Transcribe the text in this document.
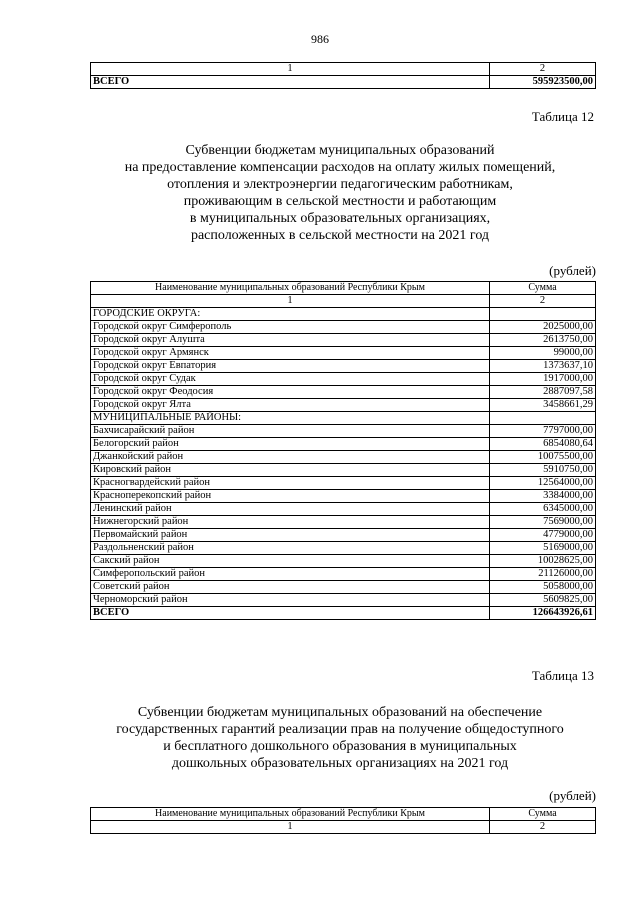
986
1	2
ВСЕГО	595923500,00
Таблица 12
Субвенции бюджетам муниципальных образований
на предоставление компенсации расходов на оплату жилых помещений,
отопления и электроэнергии педагогическим работникам,
проживающим в сельской местности и работающим
в муниципальных образовательных организациях,
расположенных в сельской местности на 2021 год
(рублей)
Наименование муниципальных образований Республики Крым	Сумма
1	2
ГОРОДСКИЕ ОКРУГА:	
Городской округ Симферополь	2025000,00
Городской округ Алушта	2613750,00
Городской округ Армянск	99000,00
Городской округ Евпатория	1373637,10
Городской округ Судак	1917000,00
Городской округ Феодосия	2887097,58
Городской округ Ялта	3458661,29
МУНИЦИПАЛЬНЫЕ РАЙОНЫ:	
Бахчисарайский район	7797000,00
Белогорский район	6854080,64
Джанкойский район	10075500,00
Кировский район	5910750,00
Красногвардейский район	12564000,00
Красноперекопский район	3384000,00
Ленинский район	6345000,00
Нижнегорский район	7569000,00
Первомайский район	4779000,00
Раздольненский район	5169000,00
Сакский район	10028625,00
Симферопольский район	21126000,00
Советский район	5058000,00
Черноморский район	5609825,00
ВСЕГО	126643926,61
Таблица 13
Субвенции бюджетам муниципальных образований на обеспечение
государственных гарантий реализации прав на получение общедоступного
и бесплатного дошкольного образования в муниципальных
дошкольных образовательных организациях на 2021 год
(рублей)
Наименование муниципальных образований Республики Крым	Сумма
1	2
